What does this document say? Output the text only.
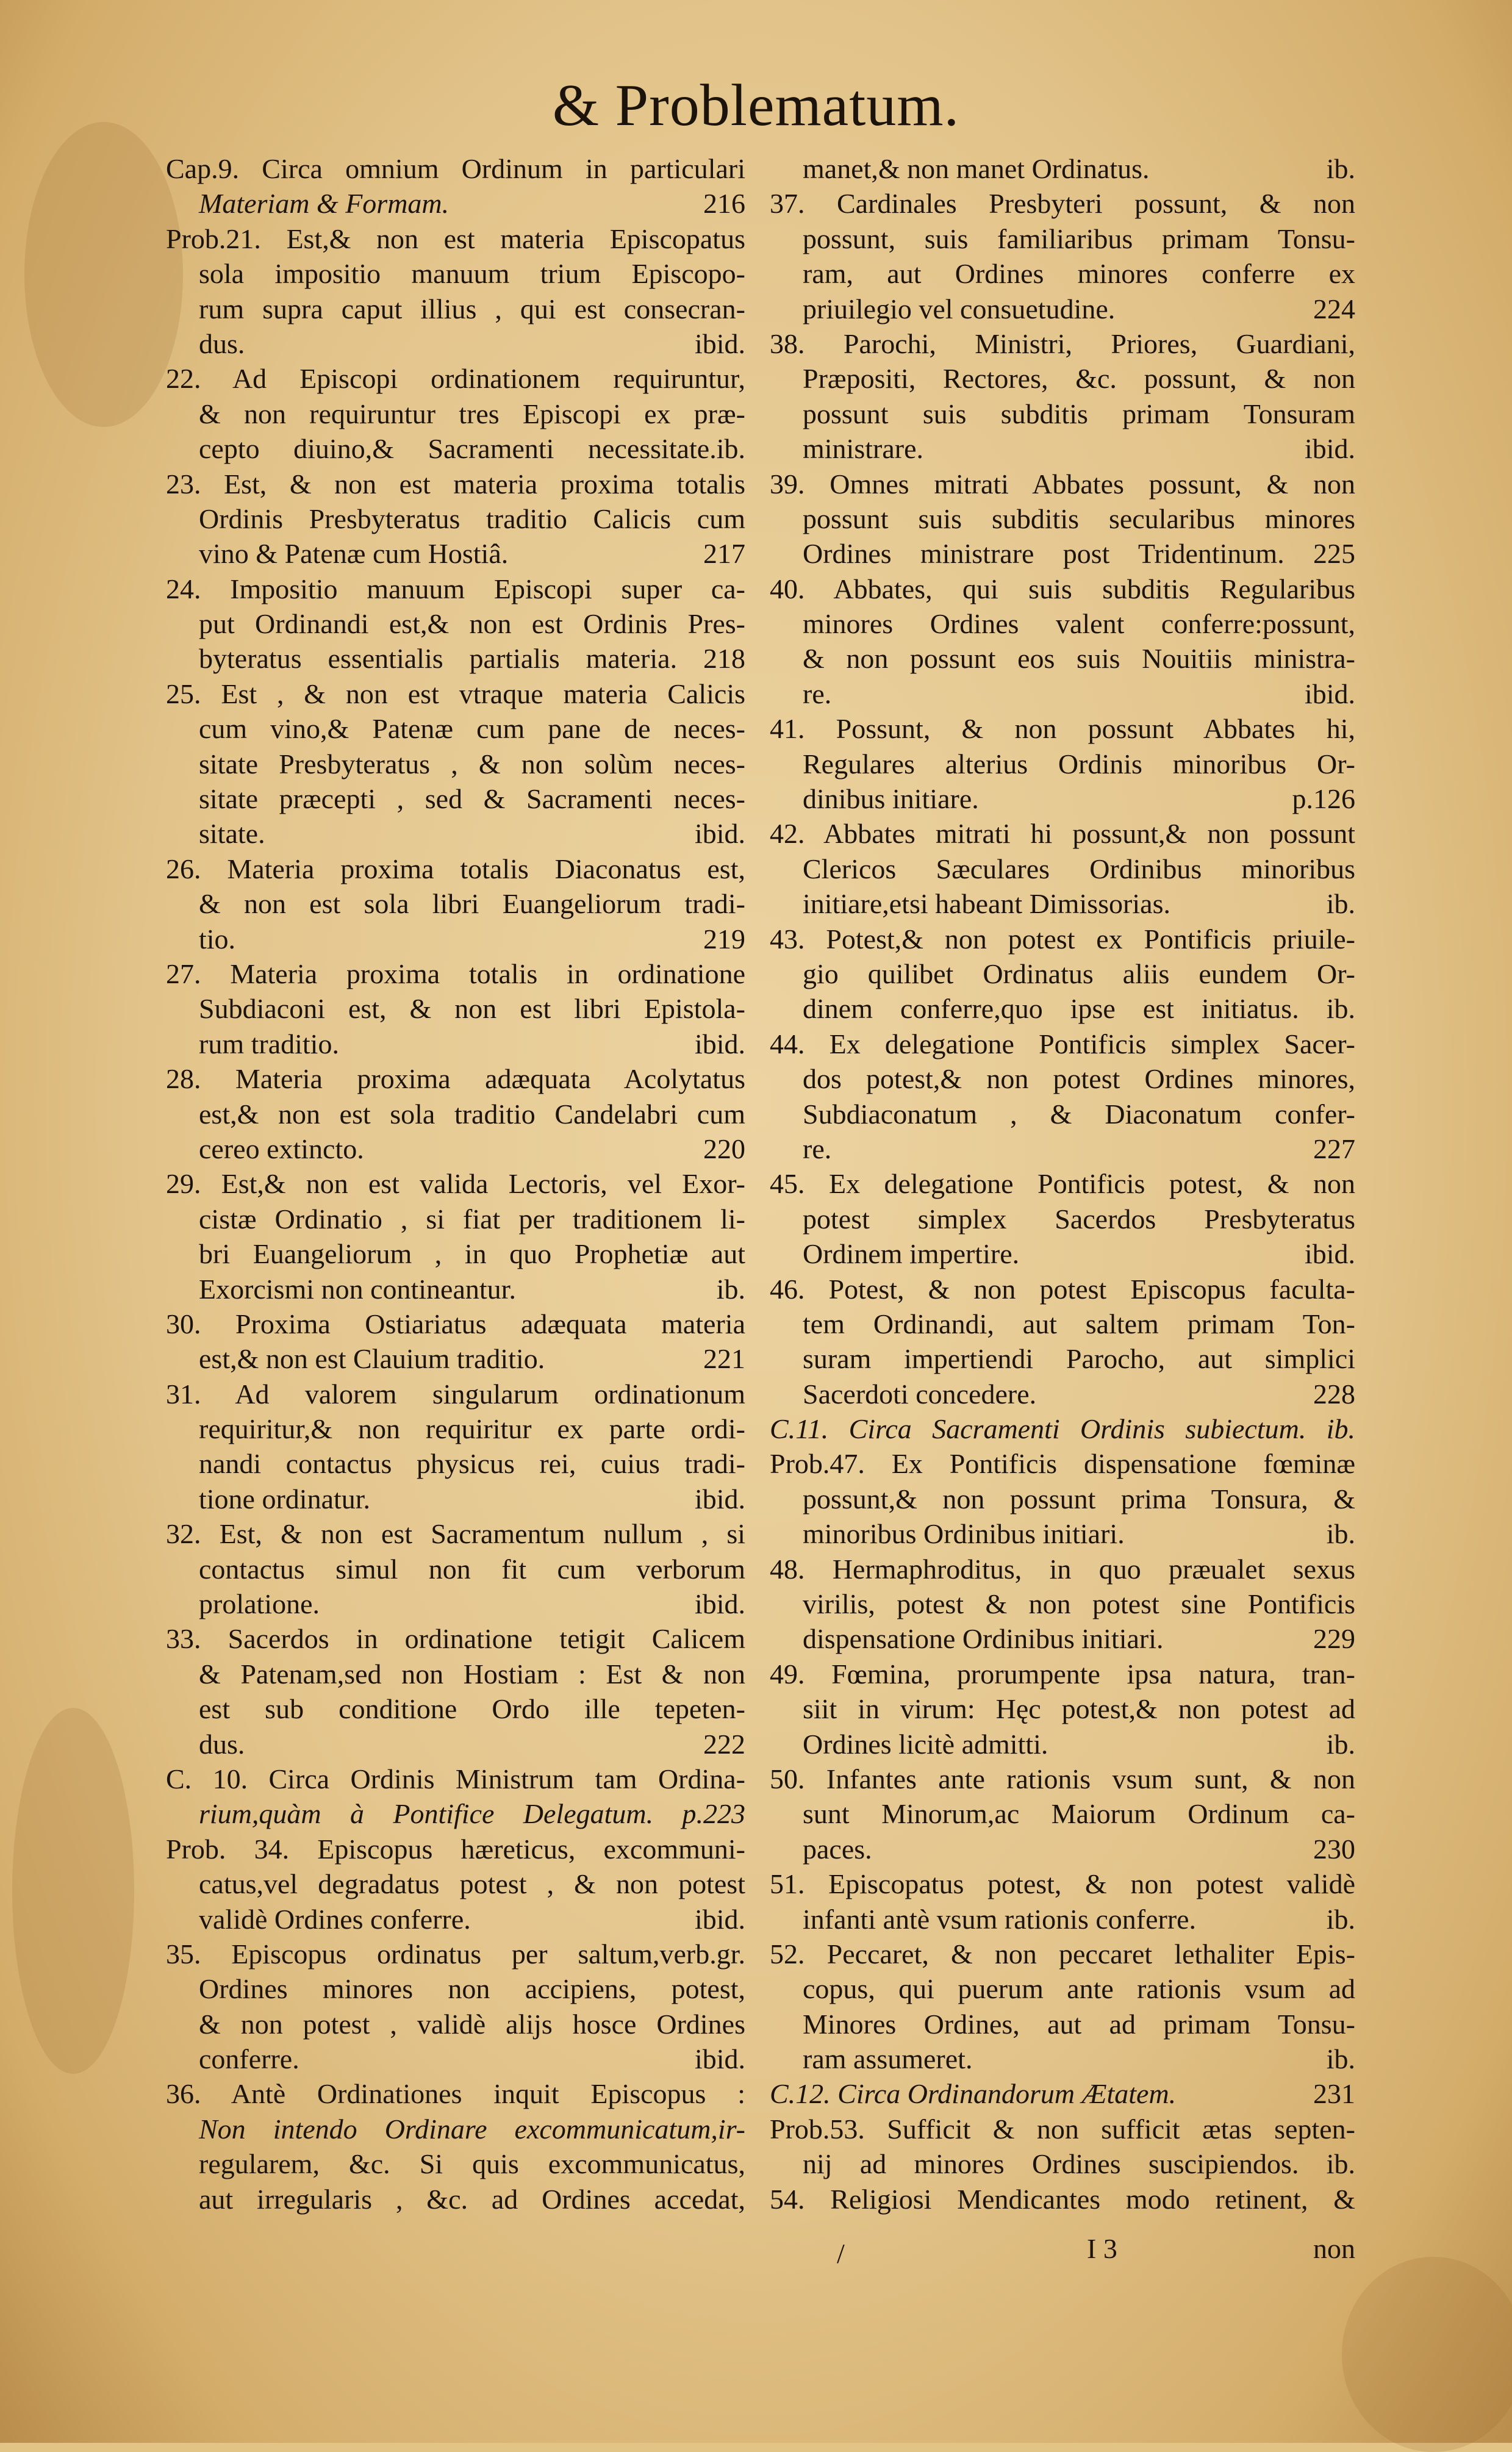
& Problematum.
Cap.9. Circa omnium Ordinum in particulari
Materiam & Formam.	216
Prob.21. Est,& non est materia Episcopatus
sola impositio manuum trium Episcopo-
rum supra caput illius , qui est consecran-
dus.	ibid.
22. Ad Episcopi ordinationem requiruntur,
& non requiruntur tres Episcopi ex præ-
cepto diuino,& Sacramenti necessitate.ib.
23. Est, & non est materia proxima totalis
Ordinis Presbyteratus traditio Calicis cum
vino & Patenæ cum Hostiâ.	217
24. Impositio manuum Episcopi super ca-
put Ordinandi est,& non est Ordinis Pres-
byteratus essentialis partialis materia. 218
25. Est , & non est vtraque materia Calicis
cum vino,& Patenæ cum pane de neces-
sitate Presbyteratus , & non solùm neces-
sitate præcepti , sed & Sacramenti neces-
sitate.	ibid.
26. Materia proxima totalis Diaconatus est,
& non est sola libri Euangeliorum tradi-
tio.	219
27. Materia proxima totalis in ordinatione
Subdiaconi est, & non est libri Epistola-
rum traditio.	ibid.
28. Materia proxima adæquata Acolytatus
est,& non est sola traditio Candelabri cum
cereo extincto.	220
29. Est,& non est valida Lectoris, vel Exor-
cistæ Ordinatio , si fiat per traditionem li-
bri Euangeliorum , in quo Prophetiæ aut
Exorcismi non contineantur.	ib.
30. Proxima Ostiariatus adæquata materia
est,& non est Clauium traditio.	221
31. Ad valorem singularum ordinationum
requiritur,& non requiritur ex parte ordi-
nandi contactus physicus rei, cuius tradi-
tione ordinatur.	ibid.
32. Est, & non est Sacramentum nullum , si
contactus simul non fit cum verborum
prolatione.	ibid.
33. Sacerdos in ordinatione tetigit Calicem
& Patenam,sed non Hostiam : Est & non
est sub conditione Ordo ille tepeten-
dus.	222
C. 10. Circa Ordinis Ministrum tam Ordina-
rium,quàm à Pontifice Delegatum. p.223
Prob. 34. Episcopus hæreticus, excommuni-
catus,vel degradatus potest , & non potest
validè Ordines conferre.	ibid.
35. Episcopus ordinatus per saltum,verb.gr.
Ordines minores non accipiens, potest,
& non potest , validè alijs hosce Ordines
conferre.	ibid.
36. Antè Ordinationes inquit Episcopus :
Non intendo Ordinare excommunicatum,ir-
regularem, &c. Si quis excommunicatus,
aut irregularis , &c. ad Ordines accedat,
manet,& non manet Ordinatus.	ib.
37. Cardinales Presbyteri possunt, & non
possunt, suis familiaribus primam Tonsu-
ram, aut Ordines minores conferre ex
priuilegio vel consuetudine.	224
38. Parochi, Ministri, Priores, Guardiani,
Præpositi, Rectores, &c. possunt, & non
possunt suis subditis primam Tonsuram
ministrare.	ibid.
39. Omnes mitrati Abbates possunt, & non
possunt suis subditis secularibus minores
Ordines ministrare post Tridentinum. 225
40. Abbates, qui suis subditis Regularibus
minores Ordines valent conferre:possunt,
& non possunt eos suis Nouitiis ministra-
re.	ibid.
41. Possunt, & non possunt Abbates hi,
Regulares alterius Ordinis minoribus Or-
dinibus initiare.	p.126
42. Abbates mitrati hi possunt,& non possunt
Clericos Sæculares Ordinibus minoribus
initiare,etsi habeant Dimissorias.	ib.
43. Potest,& non potest ex Pontificis priuile-
gio quilibet Ordinatus aliis eundem Or-
dinem conferre,quo ipse est initiatus. ib.
44. Ex delegatione Pontificis simplex Sacer-
dos potest,& non potest Ordines minores,
Subdiaconatum , & Diaconatum confer-
re.	227
45. Ex delegatione Pontificis potest, & non
potest simplex Sacerdos Presbyteratus
Ordinem impertire.	ibid.
46. Potest, & non potest Episcopus faculta-
tem Ordinandi, aut saltem primam Ton-
suram impertiendi Parocho, aut simplici
Sacerdoti concedere.	228
C.11. Circa Sacramenti Ordinis subiectum. ib.
Prob.47. Ex Pontificis dispensatione fœminæ
possunt,& non possunt prima Tonsura, &
minoribus Ordinibus initiari.	ib.
48. Hermaphroditus, in quo præualet sexus
virilis, potest & non potest sine Pontificis
dispensatione Ordinibus initiari.	229
49. Fœmina, prorumpente ipsa natura, tran-
siit in virum: Hęc potest,& non potest ad
Ordines licitè admitti.	ib.
50. Infantes ante rationis vsum sunt, & non
sunt Minorum,ac Maiorum Ordinum ca-
paces.	230
51. Episcopatus potest, & non potest validè
infanti antè vsum rationis conferre.	ib.
52. Peccaret, & non peccaret lethaliter Epis-
copus, qui puerum ante rationis vsum ad
Minores Ordines, aut ad primam Tonsu-
ram assumeret.	ib.
C.12. Circa Ordinandorum Ætatem.	231
Prob.53. Sufficit & non sufficit ætas septen-
nij ad minores Ordines suscipiendos. ib.
54. Religiosi Mendicantes modo retinent, &
/	I 3	non
